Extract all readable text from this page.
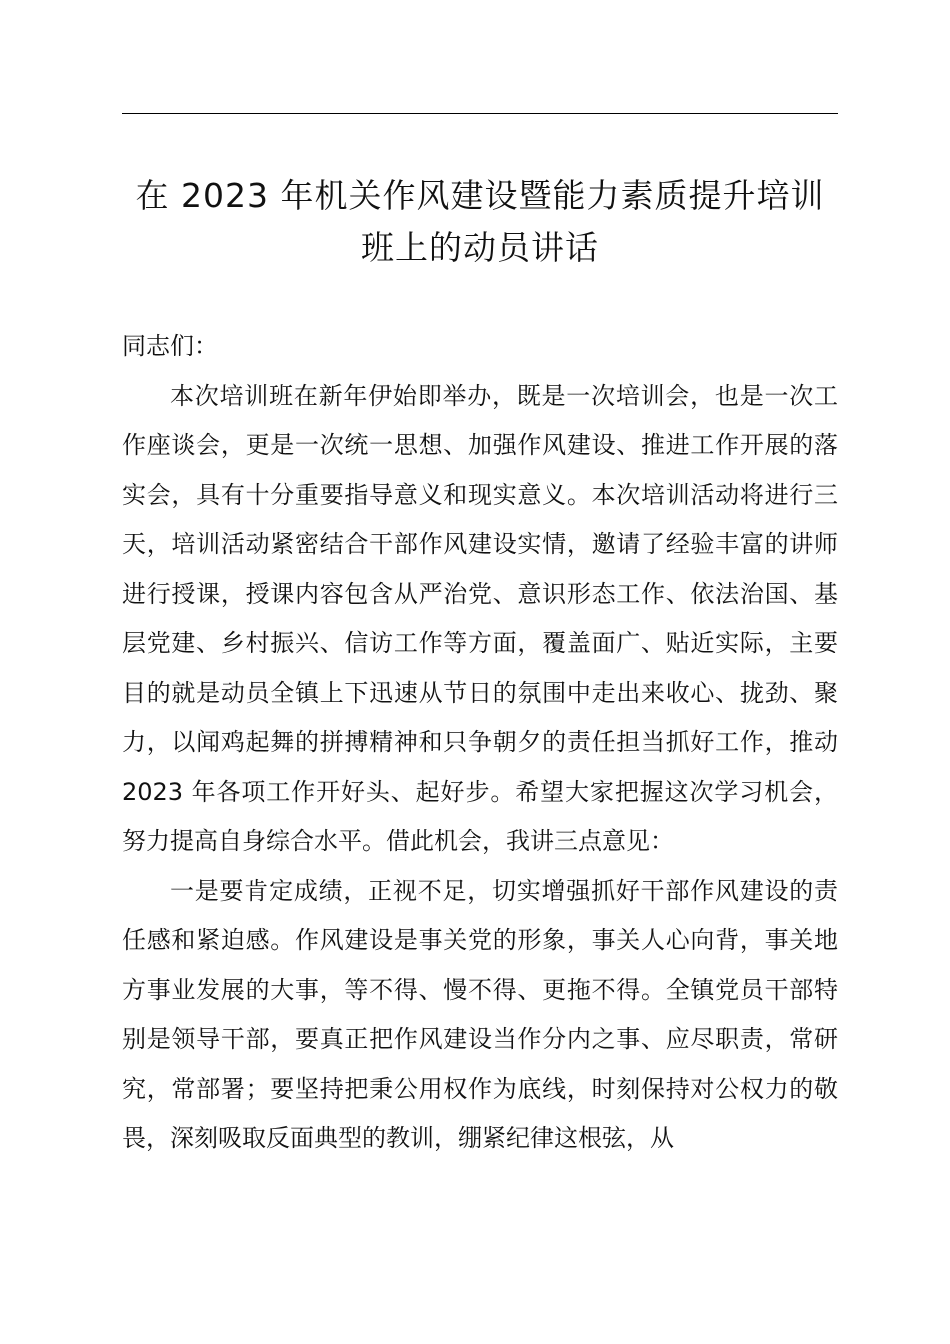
在 2023 年机关作风建设暨能力素质提升培训
班上的动员讲话

同志们：

本次培训班在新年伊始即举办，既是一次培训会，也是一次工作座谈会，更是一次统一思想、加强作风建设、推进工作开展的落实会，具有十分重要指导意义和现实意义。本次培训活动将进行三天，培训活动紧密结合干部作风建设实情，邀请了经验丰富的讲师进行授课，授课内容包含从严治党、意识形态工作、依法治国、基层党建、乡村振兴、信访工作等方面，覆盖面广、贴近实际，主要目的就是动员全镇上下迅速从节日的氛围中走出来收心、拢劲、聚力，以闻鸡起舞的拼搏精神和只争朝夕的责任担当抓好工作，推动 2023 年各项工作开好头、起好步。希望大家把握这次学习机会，努力提高自身综合水平。借此机会，我讲三点意见：

一是要肯定成绩，正视不足，切实增强抓好干部作风建设的责任感和紧迫感。作风建设是事关党的形象，事关人心向背，事关地方事业发展的大事，等不得、慢不得、更拖不得。全镇党员干部特别是领导干部，要真正把作风建设当作分内之事、应尽职责，常研究，常部署；要坚持把秉公用权作为底线，时刻保持对公权力的敬畏，深刻吸取反面典型的教训，绷紧纪律这根弦，从
